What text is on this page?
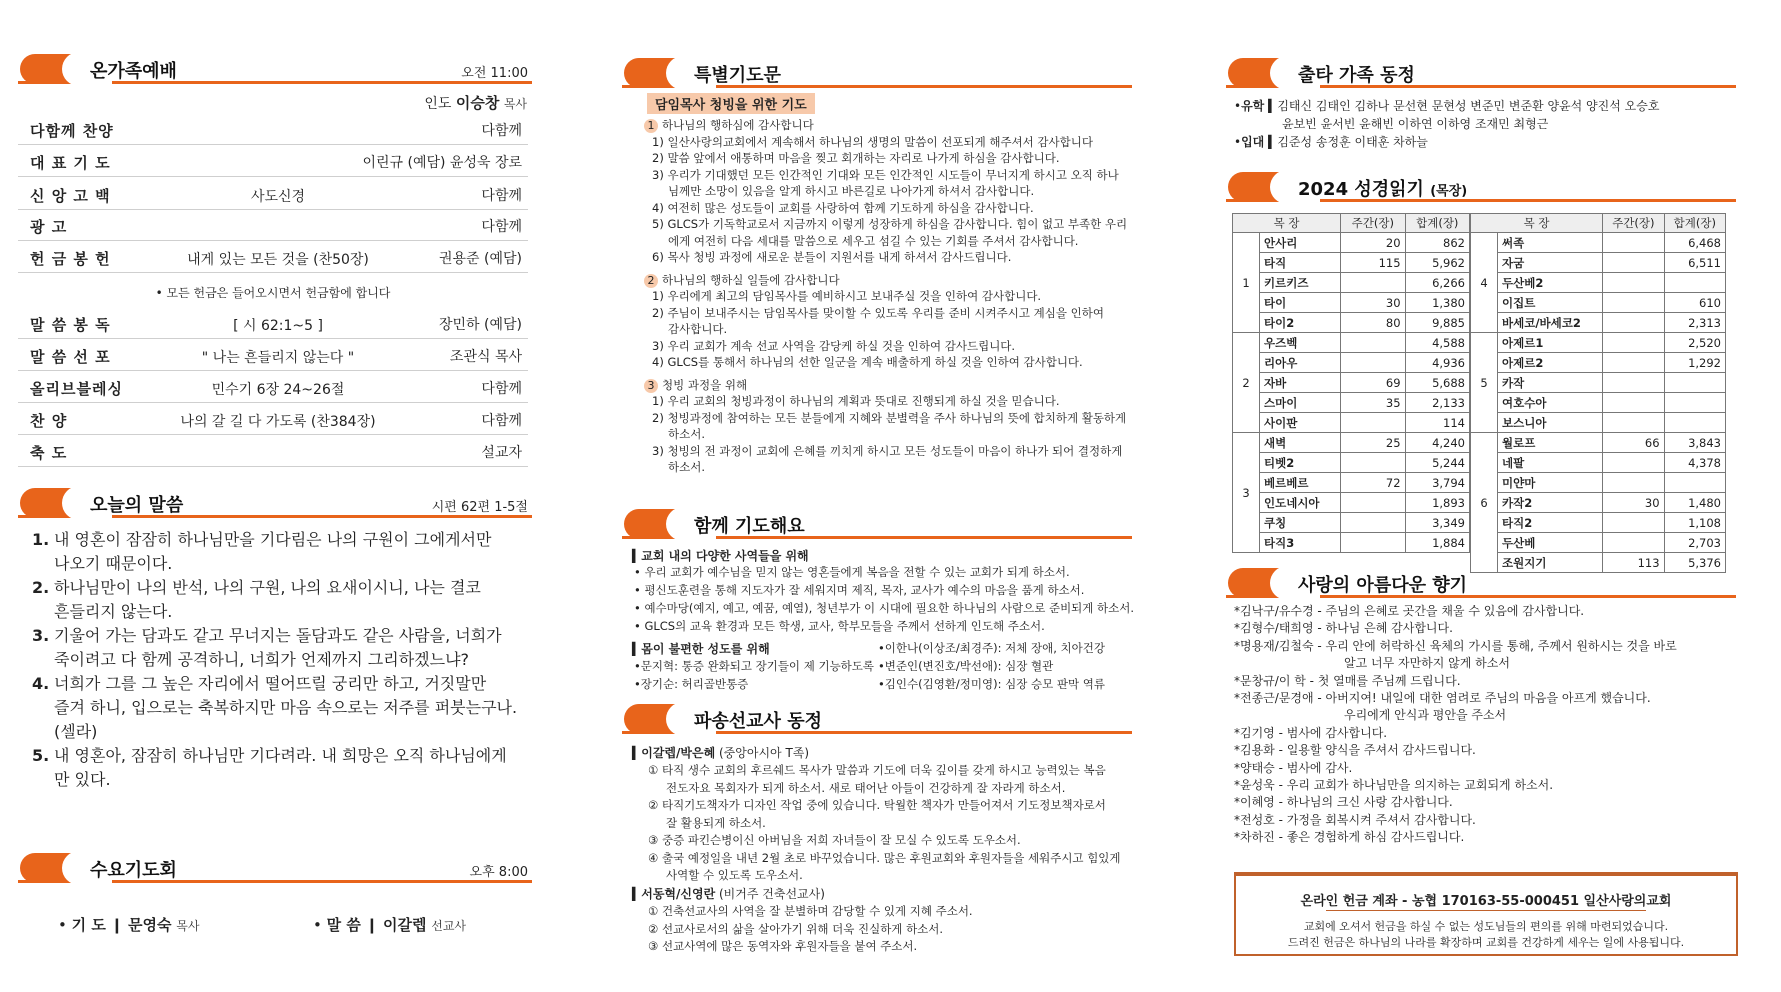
온가족예배	오전 11:00
인도 이승창 목사
다함께 찬양	다함께
대 표 기 도	이린규 (예담) 윤성욱 장로
신 앙 고 백	사도신경	다함께
광 고	다함께
헌 금 봉 헌	내게 있는 모든 것을 (찬50장)	권용준 (예담)
말 씀 봉 독	[ 시 62:1~5 ]	장민하 (예담)
말 씀 선 포	" 나는 흔들리지 않는다 "	조관식 목사
올리브블레싱	민수기 6장 24~26절	다함께
찬 양	나의 갈 길 다 가도록 (찬384장)	다함께
축 도	설교자
• 모든 헌금은 들어오시면서 헌금함에 합니다
오늘의 말씀	시편 62편 1-5절
1. 내 영혼이 잠잠히 하나님만을 기다림은 나의 구원이 그에게서만
나오기 때문이다.
2. 하나님만이 나의 반석, 나의 구원, 나의 요새이시니, 나는 결코
흔들리지 않는다.
3. 기울어 가는 담과도 같고 무너지는 돌담과도 같은 사람을, 너희가
죽이려고 다 함께 공격하니, 너희가 언제까지 그리하겠느냐?
4. 너희가 그를 그 높은 자리에서 떨어뜨릴 궁리만 하고, 거짓말만
즐겨 하니, 입으로는 축복하지만 마음 속으로는 저주를 퍼붓는구나.
(셀라)
5. 내 영혼아, 잠잠히 하나님만 기다려라. 내 희망은 오직 하나님에게
만 있다.
수요기도회	오후 8:00
• 기 도 ❙ 문영숙 목사	• 말 씀 ❙ 이갈렙 선교사
특별기도문
담임목사 청빙을 위한 기도
1 하나님의 행하심에 감사합니다
1) 일산사랑의교회에서 계속해서 하나님의 생명의 말씀이 선포되게 해주셔서 감사합니다
2) 말씀 앞에서 애통하며 마음을 찢고 회개하는 자리로 나가게 하심을 감사합니다.
3) 우리가 기대했던 모든 인간적인 기대와 모든 인간적인 시도들이 무너지게 하시고 오직 하나
님께만 소망이 있음을 알게 하시고 바른길로 나아가게 하셔서 감사합니다.
4) 여전히 많은 성도들이 교회를 사랑하여 함께 기도하게 하심을 감사합니다.
5) GLCS가 기독학교로서 지금까지 이렇게 성장하게 하심을 감사합니다. 힘이 없고 부족한 우리
에게 여전히 다음 세대를 말씀으로 세우고 섬길 수 있는 기회를 주셔서 감사합니다.
6) 목사 청빙 과정에 새로운 분들이 지원서를 내게 하셔서 감사드립니다.
2 하나님의 행하실 일들에 감사합니다
1) 우리에게 최고의 담임목사를 예비하시고 보내주실 것을 인하여 감사합니다.
2) 주님이 보내주시는 담임목사를 맞이할 수 있도록 우리를 준비 시켜주시고 계심을 인하여
감사합니다.
3) 우리 교회가 계속 선교 사역을 감당케 하실 것을 인하여 감사드립니다.
4) GLCS를 통해서 하나님의 선한 일군을 계속 배출하게 하실 것을 인하여 감사합니다.
3 청빙 과정을 위해
1) 우리 교회의 청빙과정이 하나님의 계획과 뜻대로 진행되게 하실 것을 믿습니다.
2) 청빙과정에 참여하는 모든 분들에게 지혜와 분별력을 주사 하나님의 뜻에 합치하게 활동하게
하소서.
3) 청빙의 전 과정이 교회에 은혜를 끼치게 하시고 모든 성도들이 마음이 하나가 되어 결정하게
하소서.
함께 기도해요
▍교회 내의 다양한 사역들을 위해
• 우리 교회가 예수님을 믿지 않는 영혼들에게 복음을 전할 수 있는 교회가 되게 하소서.
• 평신도훈련을 통해 지도자가 잘 세워지며 제직, 목자, 교사가 예수의 마음을 품게 하소서.
• 예수마당(예지, 예고, 예꿈, 예열), 청년부가 이 시대에 필요한 하나님의 사람으로 준비되게 하소서.
• GLCS의 교육 환경과 모든 학생, 교사, 학부모들을 주께서 선하게 인도해 주소서.
▍몸이 불편한 성도를 위해
•문지혁: 통증 완화되고 장기들이 제 기능하도록
•장기순: 허리골반통증
•이한나(이상조/최경주): 저체 장애, 치아건강
•변준인(변진호/박선애): 심장 혈관
•김인수(김영환/정미영): 심장 승모 판막 역류
파송선교사 동정
▍이갈렙/박은혜 (중앙아시아 T족)
① 타직 생수 교회의 후르쉐드 목사가 말씀과 기도에 더욱 깊이를 갖게 하시고 능력있는 복음
전도자요 목회자가 되게 하소서. 새로 태어난 아들이 건강하게 잘 자라게 하소서.
② 타직기도책자가 디자인 작업 중에 있습니다. 탁월한 책자가 만들어져서 기도정보책자로서
잘 활용되게 하소서.
③ 중증 파킨슨병이신 아버님을 저희 자녀들이 잘 모실 수 있도록 도우소서.
④ 출국 예정일을 내년 2월 초로 바꾸었습니다. 많은 후원교회와 후원자들을 세워주시고 힘있게
사역할 수 있도록 도우소서.
▍서동혁/신영란 (비거주 건축선교사)
① 건축선교사의 사역을 잘 분별하며 감당할 수 있게 지혜 주소서.
② 선교사로서의 삶을 살아가기 위해 더욱 진실하게 하소서.
③ 선교사역에 많은 동역자와 후원자들을 붙여 주소서.
출타 가족 동정
•유학 ▍김태신 김태인 김하나 문선현 문현성 변준민 변준환 양윤석 양진석 오승호
윤보빈 윤서빈 윤해빈 이하연 이하영 조재민 최형근
•입대 ▍김준성 송정훈 이태훈 차하늘
2024 성경읽기 (목장)
목 장		주간(장)	합계(장)
1	안사리	20	862
	타직	115	5,962
	키르키즈		6,266
	타이	30	1,380
	타이2	80	9,885
2	우즈벡		4,588
	리아우		4,936
	자바	69	5,688
	스마이	35	2,133
	사이판		114
3	새벽	25	4,240
	티벳2		5,244
	베르베르	72	3,794
	인도네시아		1,893
	쿠칭		3,349
	타직3		1,884
목 장		주간(장)	합계(장)
4	써족		6,468
	자굼		6,511
	두산베2		
	이집트		610
	바세코/바세코2		2,313
5	아제르1		2,520
	아제르2		1,292
	카작		
	여호수아		
	보스니아		
6	월로프	66	3,843
	네팔		4,378
	미얀마		
	카작2	30	1,480
	타직2		1,108
	두산베		2,703
	조원지기	113	5,376
사랑의 아름다운 향기
*김낙구/유수경 - 주님의 은혜로 곳간을 채울 수 있음에 감사합니다.
*김형수/태희영 - 하나님 은혜 감사합니다.
*명용재/김철숙 - 우리 안에 허락하신 육체의 가시를 통해, 주께서 원하시는 것을 바로
알고 너무 자만하지 않게 하소서
*문창규/이 학 - 첫 열매를 주님께 드립니다.
*전종근/문경애 - 아버지여! 내일에 대한 염려로 주님의 마음을 아프게 했습니다.
우리에게 안식과 평안을 주소서
*김기영 - 범사에 감사합니다.
*김용화 - 일용할 양식을 주셔서 감사드립니다.
*양태승 - 범사에 감사.
*윤성욱 - 우리 교회가 하나님만을 의지하는 교회되게 하소서.
*이혜영 - 하나님의 크신 사랑 감사합니다.
*전성호 - 가정을 회복시켜 주셔서 감사합니다.
*차하진 - 좋은 경험하게 하심 감사드립니다.
온라인 헌금 계좌 - 농협 170163-55-000451 일산사랑의교회
교회에 오셔서 헌금을 하실 수 없는 성도님들의 편의를 위해 마련되었습니다.
드려진 헌금은 하나님의 나라를 확장하며 교회를 건강하게 세우는 일에 사용됩니다.
